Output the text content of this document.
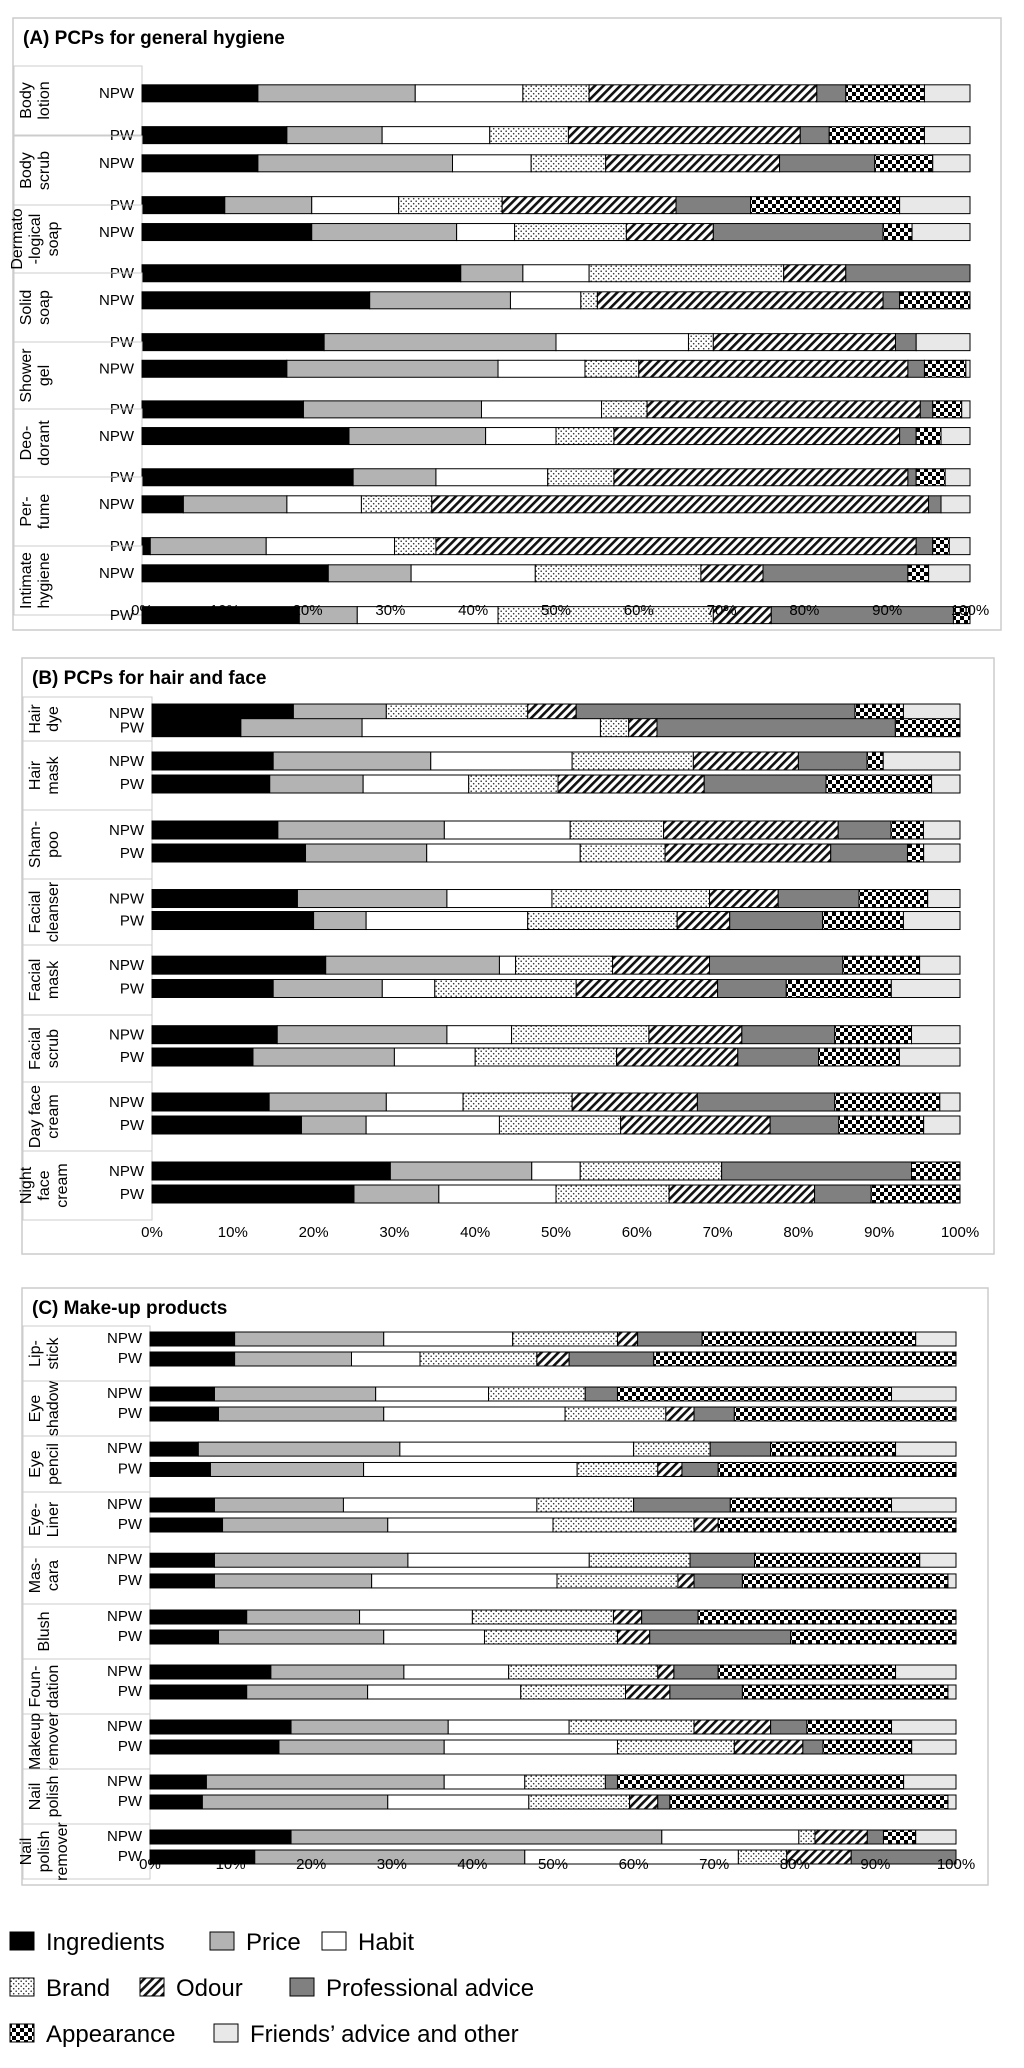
(A) PCPs for general hygiene
Bodylotion	NPW
PW
Bodyscrub	NPW
PW
Dermato-logicalsoap NPW
PW
Solidsoap	NPW
PW
Showergel	NPW
PW
Deo-dorant	NPW
PW
Per-fume	NPW
PW
Intimatehygiene	NPW
PW
0%	10%	20%	30%	40%	50%	60%	70%	80%	90%	100%
(B) PCPs for hair and face
Hairdye	NPW
PW
Hairmask	NPW
PW
Sham-poo
NPW
PW
Facialcleanser	NPW
PW
Facialmask	NPW
PW
Facialscrub	NPW
PW
Day facecream	NPW
PW
Nightfacecream	NPW
PW
0%	10%	20%	30%	40%	50%	60%	70%	80%	90%	100%
(C) Make-up products
Lip-stick	NPW
PW
Eyeshadow	NPW
PW
Eyepencil	NPW
PW
Eye-Liner	NPW
PW
Mas-cara
NPW
PW
Blush	NPW
PW
Foun-dation	NPW
PW
Makeupremover	NPW
PW
Nailpolish	NPW
PW
Nailpolishremover NPW
PW
0%	10%	20%	30%	40%	50%	60%	70%	80%	90%	100%
Ingredients	Price Habit
Brand	Odour	Professional advice
Appearance	Friends’ advice and other
